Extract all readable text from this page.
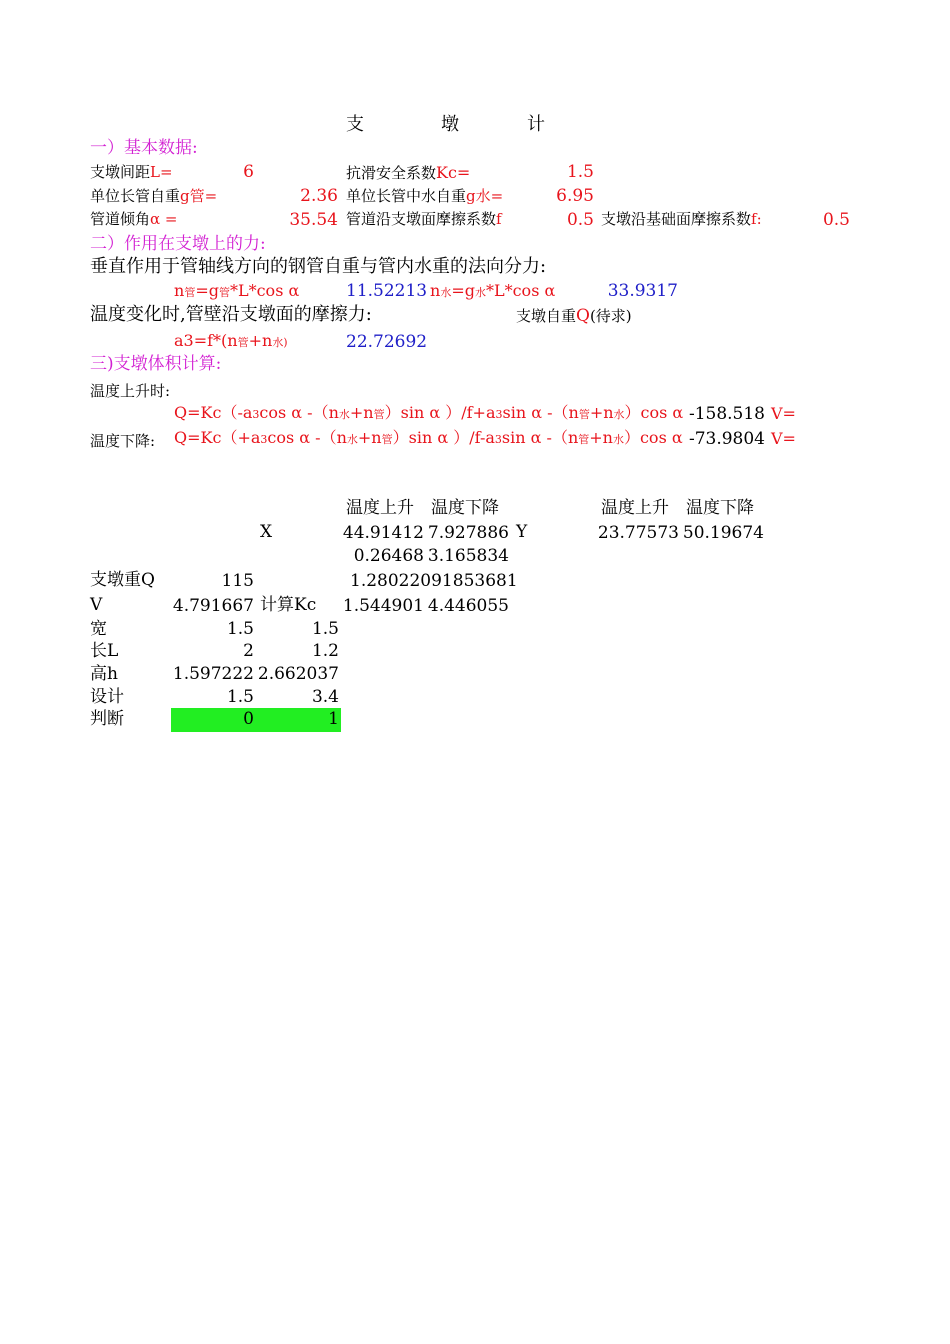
支	墩	计
一）基本数据:
支墩间距L=	6	抗滑安全系数Kc=	1.5
单位长管自重g管=	2.36 单位长管中水自重g水=	6.95
管道倾角α =	35.54 管道沿支墩面摩擦系数f	0.5 支墩沿基础面摩擦系数f:	0.5
二）作用在支墩上的力:
垂直作用于管轴线方向的钢管自重与管内水重的法向分力:
n管=g管*L*cos α	11.52213 n水=g水*L*cos α	33.9317
温度变化时,管壁沿支墩面的摩擦力:	支墩自重Q(待求)
a3=f*(n管+n水)	22.72692
三)支墩体积计算:
温度上升时:
Q=Kc（-a3cos α -（n水+n管）sin α ）/f+a3sin α -（n管+n水）cos α -158.518 V=
温度下降: Q=Kc（+a3cos α -（n水+n管）sin α ）/f-a3sin α -（n管+n水）cos α -73.9804 V=
温度上升 温度下降	温度上升 温度下降
X	44.91412 7.927886 Y	23.77573 50.19674
0.26468 3.165834
支墩重Q	115	1.28022091853681
V	4.791667 计算Kc 1.544901 4.446055
宽	1.5	1.5
长L	2	1.2
高h	1.597222 2.662037
设计	1.5	3.4
判断	0	1
